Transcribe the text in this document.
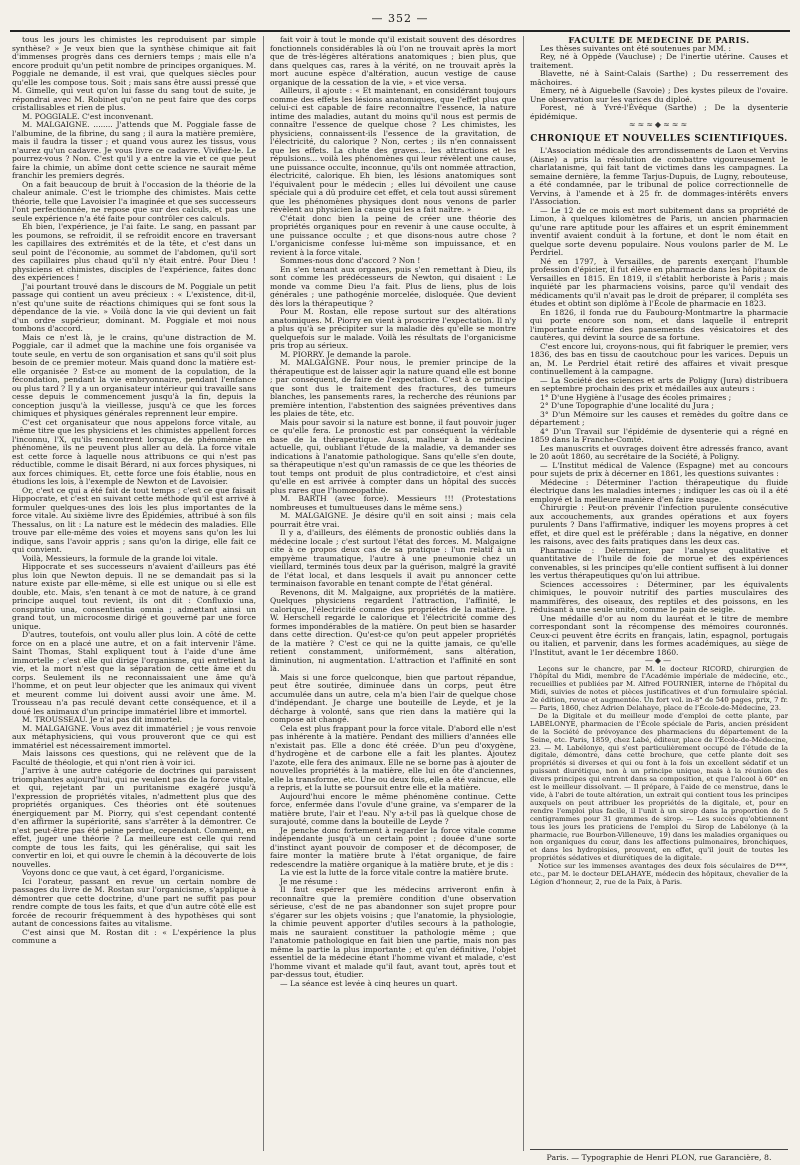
— 352 —

tous les jours les chimistes les reproduisent par simple synthèse? » Je veux bien que la synthèse chimique ait fait d'immenses progrès dans ces derniers temps ; mais elle n'a encore produit qu'un petit nombre de principes organiques. M. Poggiale ne demande, il est vrai, que quelques siècles pour qu'elle les compose tous. Soit ; mais sans être aussi pressé que M. Gimelle, qui veut qu'on lui fasse du sang tout de suite, je répondrai avec M. Robinet qu'on ne peut faire que des corps cristallisables et rien de plus.

M. POGGIALE. C'est inconvenant.

M. MALGAIGNE. ........ J'attends que M. Poggiale fasse de l'albumine, de la fibrine, du sang ; il aura la matière première, mais il faudra la tisser ; et quand vous aurez les tissus, vous n'aurez qu'un cadavre. Je vous livre ce cadavre. Vivifiez-le. Le pourrez-vous ? Non. C'est qu'il y a entre la vie et ce que peut faire la chimie, un abîme dont cette science ne saurait même franchir les premiers degrés.

On a fait beaucoup de bruit à l'occasion de la théorie de la chaleur animale. C'est le triomphe des chimistes. Mais cette théorie, telle que Lavoisier l'a imaginée et que ses successeurs l'ont perfectionnée, ne repose que sur des calculs, et pas une seule expérience n'a été faite pour contrôler ces calculs.

Eh bien, l'expérience, je l'ai faite. Le sang, en passant par les poumons, se refroidit, il se refroidit encore en traversant les capillaires des extrémités et de la tête, et c'est dans un seul point de l'économie, au sommet de l'abdomen, qu'il sort des capillaires plus chaud qu'il n'y était entré. Pour Dieu ! physiciens et chimistes, disciples de l'expérience, faites donc des expériences !

J'ai pourtant trouvé dans le discours de M. Poggiale un petit passage qui contient un aveu précieux : « L'existence, dit-il, n'est qu'une suite de réactions chimiques qui se font sous la dépendance de la vie. » Voilà donc la vie qui devient un fait d'un ordre supérieur, dominant. M. Poggiale et moi nous tombons d'accord.

Mais ce n'est là, je le crains, qu'une distraction de M. Poggiale, car il admet que la machine une fois organisée va toute seule, en vertu de son organisation et sans qu'il soit plus besoin de ce premier moteur. Mais quand donc la matière est-elle organisée ? Est-ce au moment de la copulation, de la fécondation, pendant la vie embryonnaire, pendant l'enfance ou plus tard ? Il y a un organisateur intérieur qui travaille sans cesse depuis le commencement jusqu'à la fin, depuis la conception jusqu'à la vieillesse, jusqu'à ce que les forces chimiques et physiques générales reprennent leur empire.

C'est cet organisateur que nous appelons force vitale, au même titre que les physiciens et les chimistes appellent forces l'inconnu, l'X, qu'ils rencontrent lorsque, de phénomène en phénomène, ils ne peuvent plus aller au delà. La force vitale est cette force à laquelle nous attribuons ce qui n'est pas réductible, comme le disait Bérard, ni aux forces physiques, ni aux forces chimiques. Et, cette force une fois établie, nous en étudions les lois, à l'exemple de Newton et de Lavoisier.

Or, c'est ce qui a été fait de tout temps ; c'est ce que faisait Hippocrate, et c'est en suivant cette méthode qu'il est arrivé à formuler quelques-unes des lois les plus importantes de la force vitale. Au sixième livre des Épidémies, attribué à son fils Thessalus, on lit : La nature est le médecin des maladies. Elle trouve par elle-même des voies et moyens sans qu'on les lui indique, sans l'avoir appris ; sans qu'on la dirige, elle fait ce qui convient.

Voilà, Messieurs, la formule de la grande loi vitale.

Hippocrate et ses successeurs n'avaient d'ailleurs pas été plus loin que Newton depuis. Il ne se demandait pas si la nature existe par elle-même, si elle est unique ou si elle est double, etc. Mais, s'en tenant à ce mot de nature, à ce grand principe auquel tout revient, ils ont dit : Confluxio una, conspiratio una, consentientia omnia ; admettant ainsi un grand tout, un microcosme dirigé et gouverné par une force unique.

D'autres, toutefois, ont voulu aller plus loin. A côté de cette force on en a placé une autre, et on a fait intervenir l'âme. Saint Thomas, Stahl expliquent tout à l'aide d'une âme immortelle ; c'est elle qui dirige l'organisme, qui entretient la vie, et la mort n'est que la séparation de cette âme et du corps. Seulement ils ne reconnaissaient une âme qu'à l'homme, et on peut leur objecter que les animaux qui vivent et meurent comme lui doivent aussi avoir une âme. M. Trousseau n'a pas reculé devant cette conséquence, et il a doué les animaux d'un principe immatériel libre et immortel.

M. TROUSSEAU. Je n'ai pas dit immortel.

M. MALGAIGNE. Vous avez dit immatériel ; je vous renvoie aux métaphysiciens, qui vous prouveront que ce qui est immatériel est nécessairement immortel.

Mais laissons ces questions, qui ne relèvent que de la Faculté de théologie, et qui n'ont rien à voir ici.

J'arrive à une autre catégorie de doctrines qui paraissent triomphantes aujourd'hui, qui ne veulent pas de la force vitale, et qui, rejetant par un puritanisme exagéré jusqu'à l'expression de propriétés vitales, n'admettent plus que des propriétés organiques. Ces théories ont été soutenues énergiquement par M. Piorry, qui s'est cependant contenté d'en affirmer la supériorité, sans s'arrêter à la démontrer. Ce n'est peut-être pas été peine perdue, cependant. Comment, en effet, juger une théorie ? La meilleure est celle qui rend compte de tous les faits, qui les généralise, qui sait les convertir en loi, et qui ouvre le chemin à la découverte de lois nouvelles.

Voyons donc ce que vaut, à cet égard, l'organicisme.

Ici l'orateur, passant en revue un certain nombre de passages du livre de M. Rostan sur l'organicisme, s'applique à démontrer que cette doctrine, d'une part ne suffit pas pour rendre compte de tous les faits, et que d'un autre côté elle est forcée de recourir fréquemment à des hypothèses qui sont autant de concessions faites au vitalisme.

C'est ainsi que M. Rostan dit : « L'expérience la plus commune a

fait voir à tout le monde qu'il existait souvent des désordres fonctionnels considérables là où l'on ne trouvait après la mort que de très-légères altérations anatomiques ; bien plus, que dans quelques cas, rares à la vérité, on ne trouvait après la mort aucune espèce d'altération, aucun vestige de cause organique de la cessation de la vie, » et vice versa.

Ailleurs, il ajoute : « Et maintenant, en considérant toujours comme des effets les lésions anatomiques, que l'effet plus que celui-ci est capable de faire reconnaître l'essence, la nature intime des maladies, autant du moins qu'il nous est permis de connaître l'essence de quelque chose ? Les chimistes, les physiciens, connaissent-ils l'essence de la gravitation, de l'électricité, du calorique ? Non, certes ; ils n'en connaissent que les effets. La chute des graves... les attractions et les répulsions... voilà les phénomènes qui leur révèlent une cause, une puissance occulte, inconnue, qu'ils ont nommée attraction, électricité, calorique. Eh bien, les lésions anatomiques sont l'équivalent pour le médecin ; elles lui dévoilent une cause spéciale qui a dû produire cet effet, et cela tout aussi sûrement que les phénomènes physiques dont nous venons de parler révèlent au physicien la cause qui les a fait naître. »

C'était donc bien la peine de créer une théorie des propriétés organiques pour en revenir à une cause occulte, à une puissance occulte ; et que disons-nous autre chose ? L'organicisme confesse lui-même son impuissance, et en revient à la force vitale.

Sommes-nous donc d'accord ? Non !

En s'en tenant aux organes, puis s'en remettant à Dieu, ils sont comme les prédécesseurs de Newton, qui disaient : Le monde va comme Dieu l'a fait. Plus de liens, plus de lois générales ; une pathogénie morcelée, disloquée. Que devient dès lors la thérapeutique ?

Pour M. Rostan, elle repose surtout sur des altérations anatomiques. M. Piorry en vient à proscrire l'expectation. Il n'y a plus qu'à se précipiter sur la maladie dès qu'elle se montre quelquefois sur le malade. Voilà les résultats de l'organicisme pris trop au sérieux.

M. PIORRY. Je demande la parole.

M. MALGAIGNE. Pour nous, le premier principe de la thérapeutique est de laisser agir la nature quand elle est bonne ; par conséquent, de faire de l'expectation. C'est à ce principe que sont dus le traitement des fractures, des tumeurs blanches, les pansements rares, la recherche des réunions par première intention, l'abstention des saignées préventives dans les plaies de tête, etc.

Mais pour savoir si la nature est bonne, il faut pouvoir juger ce qu'elle fera. Le pronostic est par conséquent la véritable base de la thérapeutique. Aussi, malheur à la médecine actuelle, qui, oubliant l'étude de la maladie, va demander ses indications à l'anatomie pathologique. Sans qu'elle s'en doute, sa thérapeutique n'est qu'un ramassis de ce que les théories de tout temps ont produit de plus contradictoire, et c'est ainsi qu'elle en est arrivée à compter dans un hôpital des succès plus rares que l'homœopathie.

M. BARTH (avec force). Messieurs !!! (Protestations nombreuses et tumultueuses dans le même sens.)

M. MALGAIGNE. Je désire qu'il en soit ainsi ; mais cela pourrait être vrai.

Il y a, d'ailleurs, des éléments de pronostic oubliés dans la médecine locale ; c'est surtout l'état des forces. M. Malgaigne cite à ce propos deux cas de sa pratique : l'un relatif à un empyème traumatique, l'autre à une pneumonie chez un vieillard, terminés tous deux par la guérison, malgré la gravité de l'état local, et dans lesquels il avait pu annoncer cette terminaison favorable en tenant compte de l'état général.

Revenons, dit M. Malgaigne, aux propriétés de la matière. Quelques physiciens regardent l'attraction, l'affinité, le calorique, l'électricité comme des propriétés de la matière. J. W. Herschell regarde le calorique et l'électricité comme des formes impondérables de la matière. On peut bien se hasarder dans cette direction. Qu'est-ce qu'on peut appeler propriétés de la matière ? C'est ce qui ne la quitte jamais, ce qu'elle retient constamment, uniformément, sans altération, diminution, ni augmentation. L'attraction et l'affinité en sont là.

Mais si une force quelconque, bien que partout répandue, peut être soutirée, diminuée dans un corps, peut être accumulée dans un autre, cela m'a bien l'air de quelque chose d'indépendant. Je charge une bouteille de Leyde, et je la décharge à volonté, sans que rien dans la matière qui la compose ait changé.

Cela est plus frappant pour la force vitale. D'abord elle n'est pas inhérente à la matière. Pendant des milliers d'années elle n'existait pas. Elle a donc été créée. D'un peu d'oxygène, d'hydrogène et de carbone elle a fait les plantes. Ajoutez l'azote, elle fera des animaux. Elle ne se borne pas à ajouter de nouvelles propriétés à la matière, elle lui en ôte d'anciennes, elle la transforme, etc. Une ou deux fois, elle a été vaincue, elle a repris, et la lutte se poursuit entre elle et la matière.

Aujourd'hui encore le même phénomène continue. Cette force, enfermée dans l'ovule d'une graine, va s'emparer de la matière brute, l'air et l'eau. N'y a-t-il pas là quelque chose de surajouté, comme dans la bouteille de Leyde ?

Je penche donc fortement à regarder la force vitale comme indépendante jusqu'à un certain point ; douée d'une sorte d'instinct ayant pouvoir de composer et de décomposer, de faire monter la matière brute à l'état organique, de faire redescendre la matière organique à la matière brute, et je dis :

La vie est la lutte de la force vitale contre la matière brute.

Je me résume :

Il faut espérer que les médecins arriveront enfin à reconnaître que la première condition d'une observation sérieuse, c'est de ne pas abandonner son sujet propre pour s'égarer sur les objets voisins ; que l'anatomie, la physiologie, la chimie peuvent apporter d'utiles secours à la pathologie, mais ne sauraient constituer la pathologie même ; que l'anatomie pathologique en fait bien une partie, mais non pas même la partie la plus importante ; et qu'en définitive, l'objet essentiel de la médecine étant l'homme vivant et malade, c'est l'homme vivant et malade qu'il faut, avant tout, après tout et par-dessus tout, étudier.

— La séance est levée à cinq heures un quart.

FACULTÉ DE MÉDECINE DE PARIS.

Les thèses suivantes ont été soutenues par MM. :

Rey, né à Oppède (Vaucluse) ; De l'inertie utérine. Causes et traitement.

Blavette, né à Saint-Calais (Sarthe) ; Du resserrement des mâchoires.

Emery, né à Aiguebelle (Savoie) ; Des kystes pileux de l'ovaire. Une observation sur les varices du diploé.

Forest, né à Yvré-l'Évêque (Sarthe) ; De la dysenterie épidémique.

≈≈≈◆≈≈≈

CHRONIQUE ET NOUVELLES SCIENTIFIQUES.

L'Association médicale des arrondissements de Laon et Vervins (Aisne) a pris la résolution de combattre vigoureusement le charlatanisme, qui fait tant de victimes dans les campagnes. La semaine dernière, la femme Tarjus-Dupuis, de Lugny, rebouteuse, a été condamnée, par le tribunal de police correctionnelle de Vervins, à l'amende et à 25 fr. de dommages-intérêts envers l'Association.

— Le 12 de ce mois est mort subitement dans sa propriété de Limon, à quelques kilomètres de Paris, un ancien pharmacien qu'une rare aptitude pour les affaires et un esprit éminemment inventif avaient conduit à la fortune, et dont le nom était en quelque sorte devenu populaire. Nous voulons parler de M. Le Perdriel.

Né en 1797, à Versailles, de parents exerçant l'humble profession d'épicier, il fut élève en pharmacie dans les hôpitaux de Versailles en 1815. En 1819, il s'établit herboriste à Paris ; mais inquiété par les pharmaciens voisins, parce qu'il vendait des médicaments qu'il n'avait pas le droit de préparer, il compléta ses études et obtint son diplôme à l'École de pharmacie en 1823.

En 1826, il fonda rue du Faubourg-Montmartre la pharmacie qui porte encore son nom, et dans laquelle il entreprit l'importante réforme des pansements des vésicatoires et des cautères, qui devint la source de sa fortune.

C'est encore lui, croyons-nous, qui fit fabriquer le premier, vers 1836, des bas en tissu de caoutchouc pour les varices. Depuis un an, M. Le Perdriel était retiré des affaires et vivait presque continuellement à la campagne.

— La Société des sciences et arts de Poligny (Jura) distribuera en septembre prochain des prix et médailles aux auteurs :

1° D'une Hygiène à l'usage des écoles primaires ;

2° D'une Topographie d'une localité du Jura ;

3° D'un Mémoire sur les causes et remèdes du goître dans ce département ;

4° D'un Travail sur l'épidémie de dysenterie qui a régné en 1859 dans la Franche-Comté.

Les manuscrits et ouvrages doivent être adressés franco, avant le 20 août 1860, au secrétaire de la Société, à Poligny.

— L'Institut médical de Valence (Espagne) met au concours pour sujets de prix à décerner en 1861, les questions suivantes :

Médecine : Déterminer l'action thérapeutique du fluide électrique dans les maladies internes ; indiquer les cas où il a été employé et la meilleure manière d'en faire usage.

Chirurgie : Peut-on prévenir l'infection purulente consécutive aux accouchements, aux grandes opérations et aux foyers purulents ? Dans l'affirmative, indiquer les moyens propres à cet effet, et dire quel est le préférable ; dans la négative, en donner les raisons, avec des faits pratiques dans les deux cas.

Pharmacie : Déterminer, par l'analyse qualitative et quantitative de l'huile de foie de morue et des expériences convenables, si les principes qu'elle contient suffisent à lui donner les vertus thérapeutiques qu'on lui attribue.

Sciences accessoires : Déterminer, par les équivalents chimiques, le pouvoir nutritif des parties musculaires des mammifères, des oiseaux, des reptiles et des poissons, en les réduisant à une seule unité, comme le pain de seigle.

Une médaille d'or au nom du lauréat et le titre de membre correspondant sont la récompense des mémoires couronnés. Ceux-ci peuvent être écrits en français, latin, espagnol, portugais ou italien, et parvenir, dans les formes académiques, au siège de l'Institut, avant le 1er décembre 1860.

—◆—

Leçons sur le chancre, par M. le docteur RICORD, chirurgien de l'hôpital du Midi, membre de l'Académie impériale de médecine, etc., recueillies et publiées par M. Alfred FOURNIER, interne de l'hôpital du Midi, suivies de notes et pièces justificatives et d'un formulaire spécial. 2e édition, revue et augmentée. Un fort vol. in-8° de 540 pages, prix, 7 fr. — Paris, 1860, chez Adrien Delahaye, place de l'École-de-Médecine, 23.

De la Digitale et du meilleur mode d'emploi de cette plante, par LABÉLONYE, pharmacien de l'École spéciale de Paris, ancien président de la Société de prévoyance des pharmaciens du département de la Seine, etc. Paris, 1859, chez Labé, éditeur, place de l'École-de-Médecine, 23. — M. Labélonye, qui s'est particulièrement occupé de l'étude de la digitale, démontre, dans cette brochure, que cette plante doit ses propriétés si diverses et qui ou font à la fois un excellent sédatif et un puissant diurétique, non à un principe unique, mais à la réunion des divers principes qui entrent dans sa composition, et que l'alcool à 60° en est le meilleur dissolvant. — Il prépare, à l'aide de ce menstrue, dans le vide, à l'abri de toute altération, un extrait qui contient tous les principes auxquels on peut attribuer les propriétés de la digitale, et, pour en rendre l'emploi plus facile, il l'unit à un sirop dans la proportion de 5 centigrammes pour 31 grammes de sirop. — Les succès qu'obtiennent tous les jours les praticiens de l'emploi du Sirop de Labélonye (à la pharmacie, rue Bourbon-Villeneuve, 19) dans les maladies organiques ou non organiques du cœur, dans les affections pulmonaires, bronchiques, et dans les hydropisies, prouvent, en effet, qu'il jouit de toutes les propriétés sédatives et diurétiques de la digitale.

Notice sur les immenses avantages des deux fois séculaires de D***, etc., par M. le docteur DELAHAYE, médecin des hôpitaux, chevalier de la Légion d'honneur, 2, rue de la Paix, à Paris.

Paris. — Typographie de Henri PLON, rue Garancière, 8.
